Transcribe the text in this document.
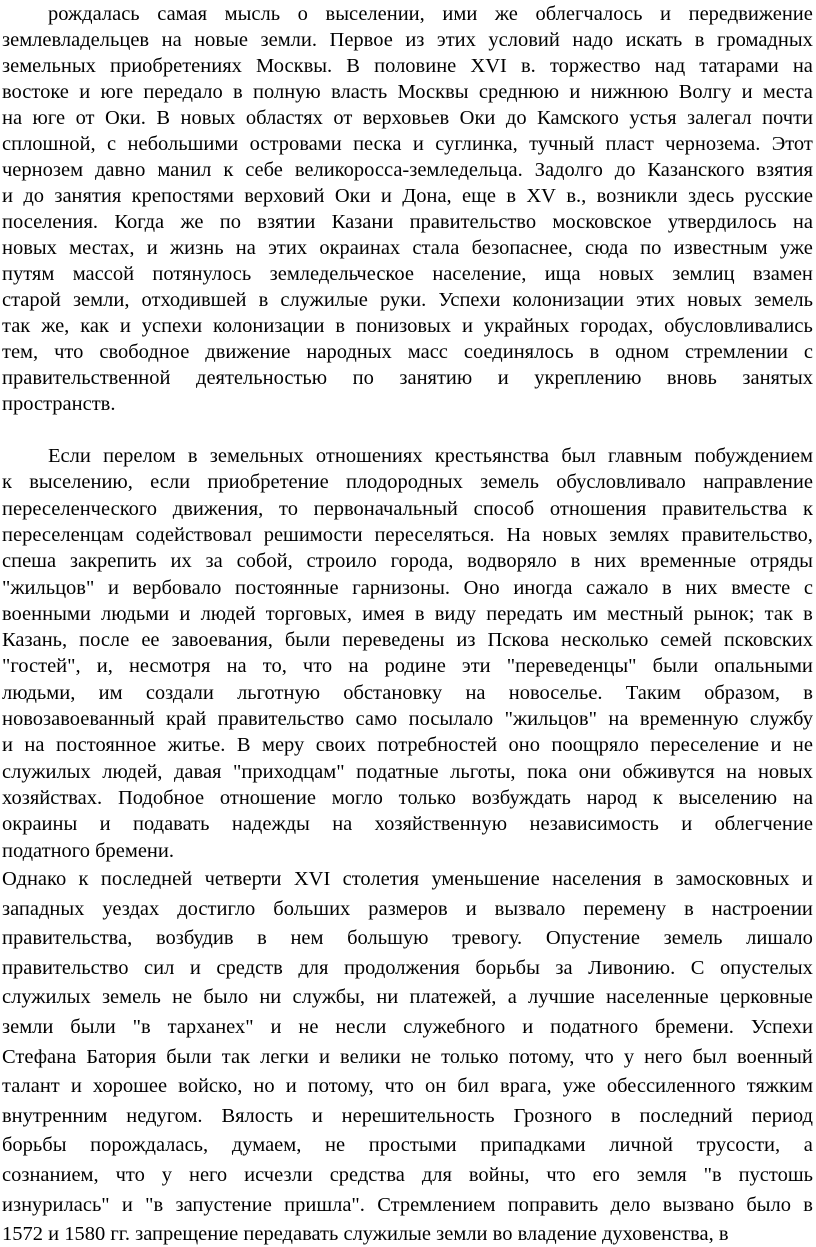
рождалась самая мысль о выселении, ими же облегчалось и передвижение
землевладельцев на новые земли. Первое из этих условий надо искать в громадных
земельных приобретениях Москвы. В половине XVI в. торжество над татарами на
востоке и юге передало в полную власть Москвы среднюю и нижнюю Волгу и места
на юге от Оки. В новых областях от верховьев Оки до Камского устья залегал почти
сплошной, с небольшими островами песка и суглинка, тучный пласт чернозема. Этот
чернозем давно манил к себе великоросса-земледельца. Задолго до Казанского взятия
и до занятия крепостями верховий Оки и Дона, еще в XV в., возникли здесь русские
поселения. Когда же по взятии Казани правительство московское утвердилось на
новых местах, и жизнь на этих окраинах стала безопаснее, сюда по известным уже
путям массой потянулось земледельческое население, ища новых землиц взамен
старой земли, отходившей в служилые руки. Успехи колонизации этих новых земель
так же, как и успехи колонизации в понизовых и украйных городах, обусловливались
тем, что свободное движение народных масс соединялось в одном стремлении с
правительственной деятельностью по занятию и укреплению вновь занятых
пространств.
Если перелом в земельных отношениях крестьянства был главным побуждением
к выселению, если приобретение плодородных земель обусловливало направление
переселенческого движения, то первоначальный способ отношения правительства к
переселенцам содействовал решимости переселяться. На новых землях правительство,
спеша закрепить их за собой, строило города, водворяло в них временные отряды
"жильцов" и вербовало постоянные гарнизоны. Оно иногда сажало в них вместе с
военными людьми и людей торговых, имея в виду передать им местный рынок; так в
Казань, после ее завоевания, были переведены из Пскова несколько семей псковских
"гостей", и, несмотря на то, что на родине эти "переведенцы" были опальными
людьми, им создали льготную обстановку на новоселье. Таким образом, в
новозавоеванный край правительство само посылало "жильцов" на временную службу
и на постоянное житье. В меру своих потребностей оно поощряло переселение и не
служилых людей, давая "приходцам" податные льготы, пока они обживутся на новых
хозяйствах. Подобное отношение могло только возбуждать народ к выселению на
окраины и подавать надежды на хозяйственную независимость и облегчение
податного бремени.
Однако к последней четверти XVI столетия уменьшение населения в замосковных и
западных уездах достигло больших размеров и вызвало перемену в настроении
правительства, возбудив в нем большую тревогу. Опустение земель лишало
правительство сил и средств для продолжения борьбы за Ливонию. С опустелых
служилых земель не было ни службы, ни платежей, а лучшие населенные церковные
земли были "в тарханех" и не несли служебного и податного бремени. Успехи
Стефана Батория были так легки и велики не только потому, что у него был военный
талант и хорошее войско, но и потому, что он бил врага, уже обессиленного тяжким
внутренним недугом. Вялость и нерешительность Грозного в последний период
борьбы порождалась, думаем, не простыми припадками личной трусости, а
сознанием, что у него исчезли средства для войны, что его земля "в пустошь
изнурилась" и "в запустение пришла". Стремлением поправить дело вызвано было в
1572 и 1580 гг. запрещение передавать служилые земли во владение духовенства, в
